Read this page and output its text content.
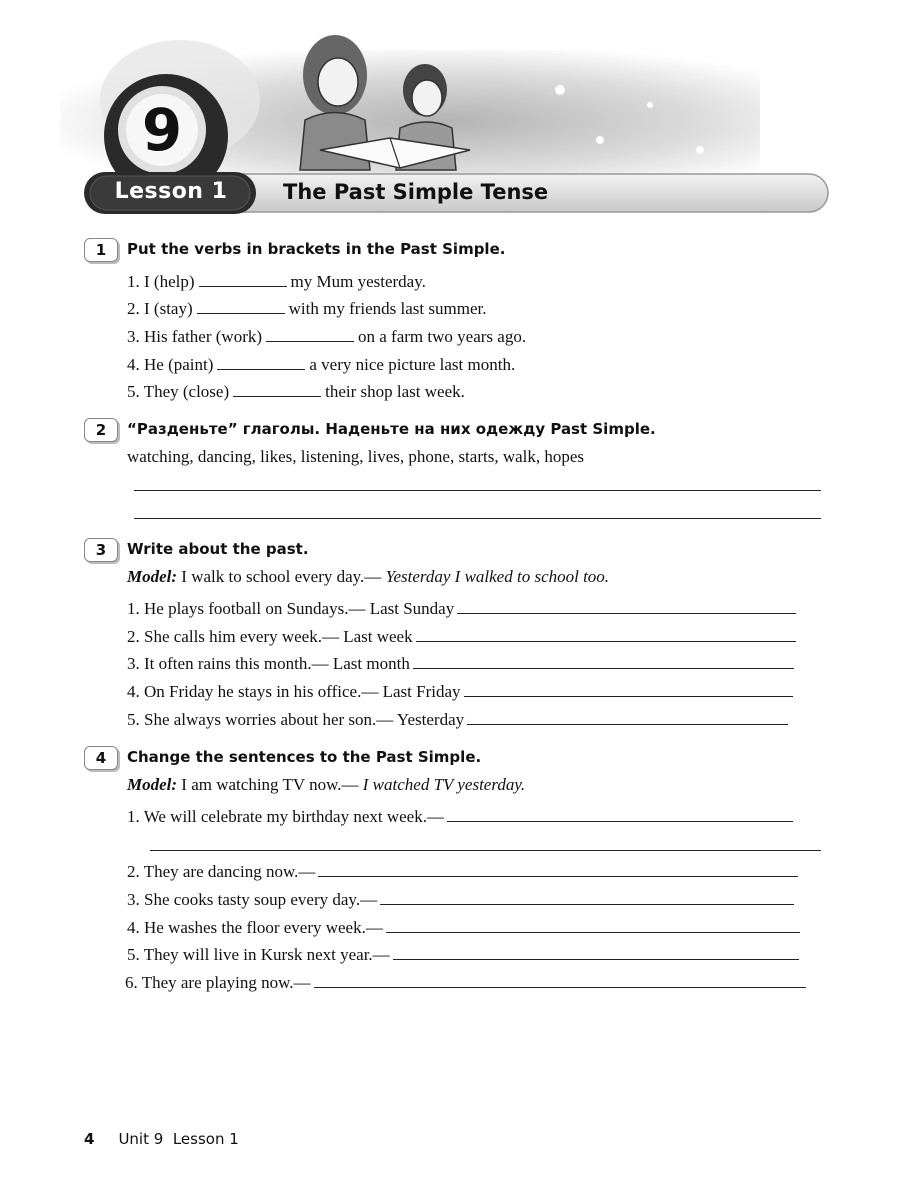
9
Lesson 1	The Past Simple Tense
1	Put the verbs in brackets in the Past Simple.
1. I (help)	my Mum yesterday.
2. I (stay)	with my friends last summer.
3. His father (work)	on a farm two years ago.
4. He (paint)	a very nice picture last month.
5. They (close)	their shop last week.
2	“Разденьте” глаголы. Наденьте на них одежду Past Simple.
watching, dancing, likes, listening, lives, phone, starts, walk, hopes
3	Write about the past.
Model: I walk to school every day.— Yesterday I walked to school too.
1. He plays football on Sundays.— Last Sunday
2. She calls him every week.— Last week
3. It often rains this month.— Last month
4. On Friday he stays in his office.— Last Friday
5. She always worries about her son.— Yesterday
4	Change the sentences to the Past Simple.
Model: I am watching TV now.— I watched TV yesterday.
1. We will celebrate my birthday next week.—
2. They are dancing now.—
3. She cooks tasty soup every day.—
4. He washes the floor every week.—
5. They will live in Kursk next year.—
6. They are playing now.—
4 Unit 9  Lesson 1
